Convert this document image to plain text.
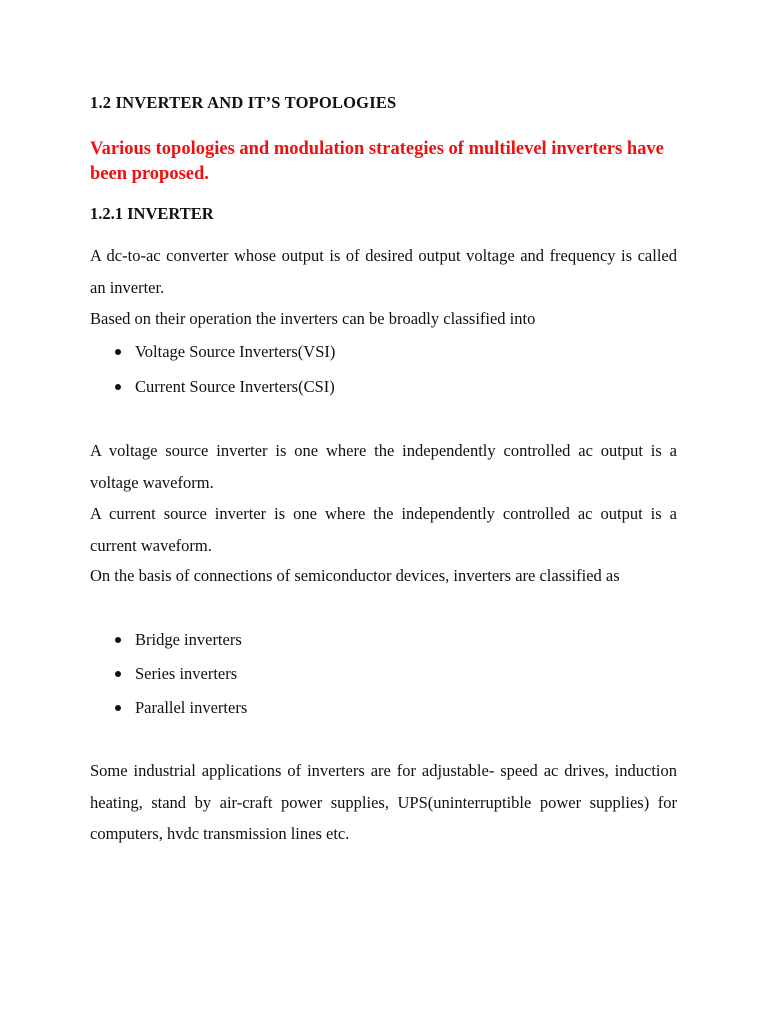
1.2 INVERTER AND IT’S TOPOLOGIES

Various topologies and modulation strategies of multilevel inverters have been proposed.

1.2.1 INVERTER

A dc-to-ac converter whose output is of desired output voltage and frequency is called an inverter.

Based on their operation the inverters can be broadly classified into

Voltage Source Inverters(VSI)
Current Source Inverters(CSI)

A voltage source inverter is one where the independently controlled ac output is a voltage waveform.

A current source inverter is one where the independently controlled ac output is a current waveform.

On the basis of connections of semiconductor devices, inverters are classified as

Bridge inverters
Series inverters
Parallel inverters

Some industrial applications of inverters are for adjustable- speed ac drives, induction heating, stand by air-craft power supplies, UPS(uninterruptible power supplies) for computers, hvdc transmission lines etc.
